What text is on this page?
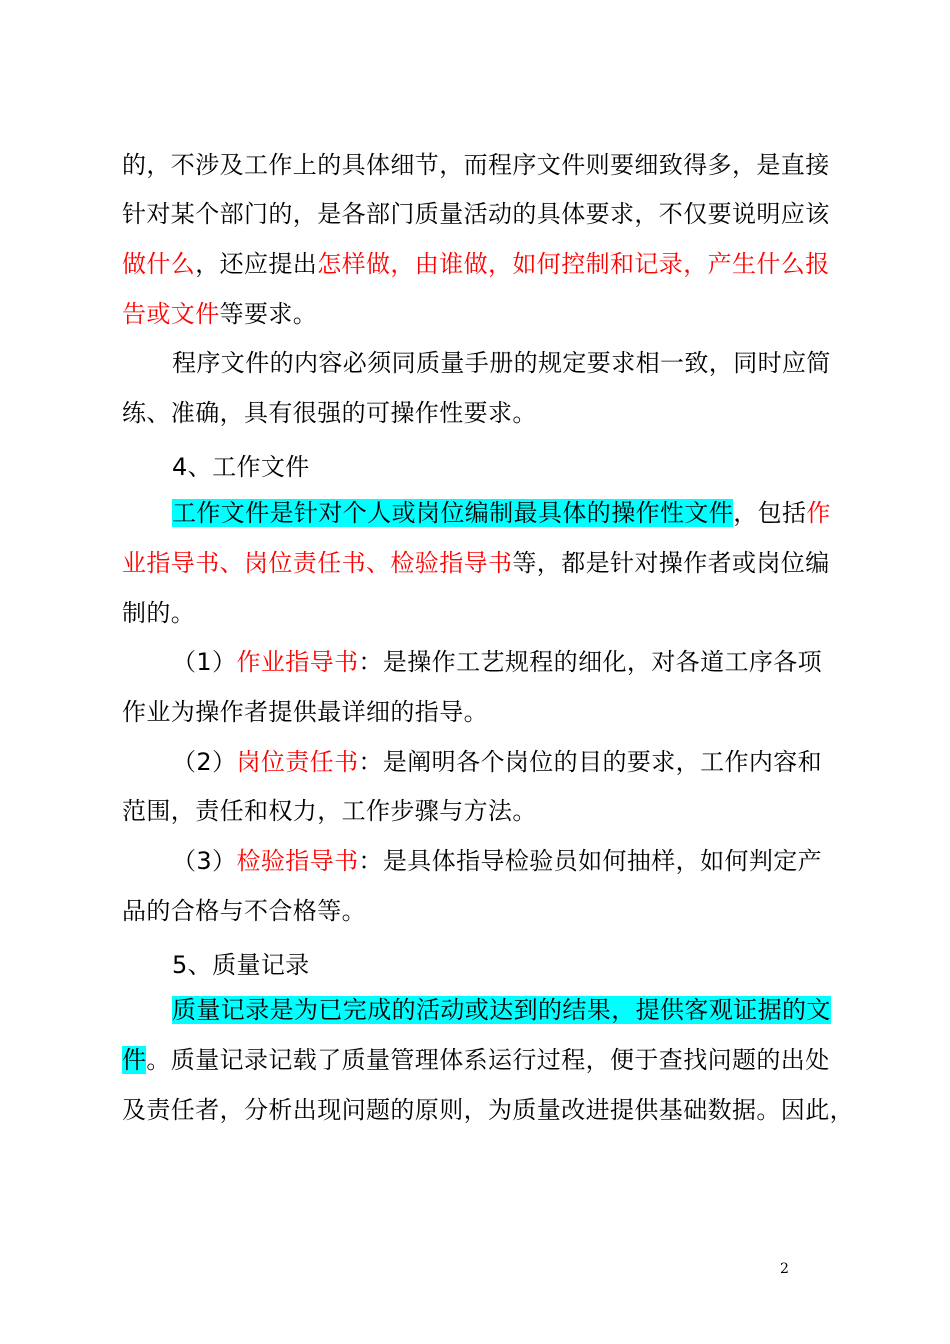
的，不涉及工作上的具体细节，而程序文件则要细致得多，是直接
针对某个部门的，是各部门质量活动的具体要求，不仅要说明应该
做什么，还应提出怎样做，由谁做，如何控制和记录，产生什么报
告或文件等要求。
程序文件的内容必须同质量手册的规定要求相一致，同时应简
练、准确，具有很强的可操作性要求。
4、工作文件
工作文件是针对个人或岗位编制最具体的操作性文件，包括作
业指导书、岗位责任书、检验指导书等，都是针对操作者或岗位编
制的。
（1）作业指导书：是操作工艺规程的细化，对各道工序各项
作业为操作者提供最详细的指导。
（2）岗位责任书：是阐明各个岗位的目的要求，工作内容和
范围，责任和权力，工作步骤与方法。
（3）检验指导书：是具体指导检验员如何抽样，如何判定产
品的合格与不合格等。
5、质量记录
质量记录是为已完成的活动或达到的结果，提供客观证据的文
件。质量记录记载了质量管理体系运行过程，便于查找问题的出处
及责任者，分析出现问题的原则，为质量改进提供基础数据。因此，
2
